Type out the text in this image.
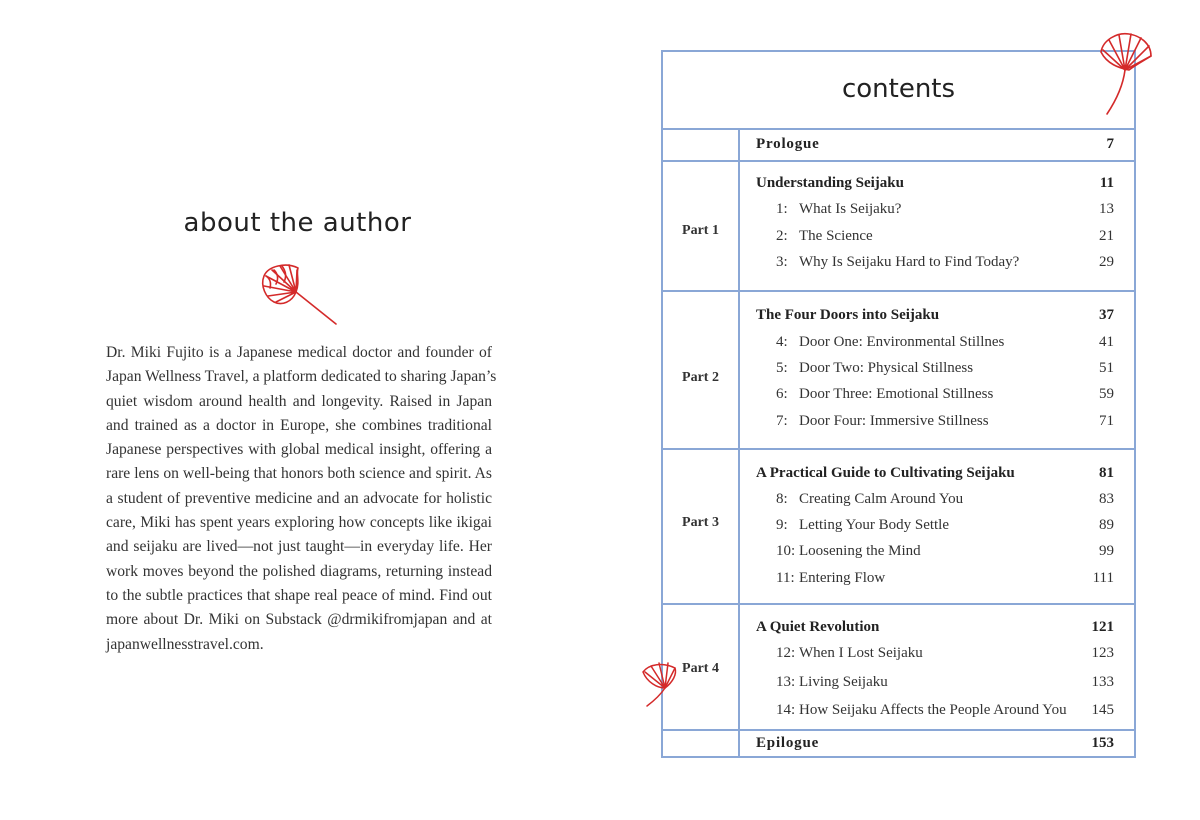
about the author
Dr. Miki Fujito is a Japanese medical doctor and founder of
Japan Wellness Travel, a platform dedicated to sharing Japan’s
quiet wisdom around health and longevity. Raised in Japan
and trained as a doctor in Europe, she combines traditional
Japanese perspectives with global medical insight, offering a
rare lens on well-being that honors both science and spirit. As
a student of preventive medicine and an advocate for holistic
care, Miki has spent years exploring how concepts like ikigai
and seijaku are lived—not just taught—in everyday life. Her
work moves beyond the polished diagrams, returning instead
to the subtle practices that shape real peace of mind. Find out
more about Dr. Miki on Substack @drmikifromjapan and at
japanwellnesstravel.com.
contents
Prologue	7
Part 1
Understanding Seijaku	11
1: What Is Seijaku?	13
2: The Science	21
3: Why Is Seijaku Hard to Find Today?	29
Part 2
The Four Doors into Seijaku	37
4: Door One: Environmental Stillnes	41
5: Door Two: Physical Stillness	51
6: Door Three: Emotional Stillness	59
7: Door Four: Immersive Stillness	71
Part 3
A Practical Guide to Cultivating Seijaku	81
8: Creating Calm Around You	83
9: Letting Your Body Settle	89
10: Loosening the Mind	99
11: Entering Flow	111
Part 4
A Quiet Revolution	121
12: When I Lost Seijaku	123
13: Living Seijaku	133
14: How Seijaku Affects the People Around You 145
Epilogue	153
